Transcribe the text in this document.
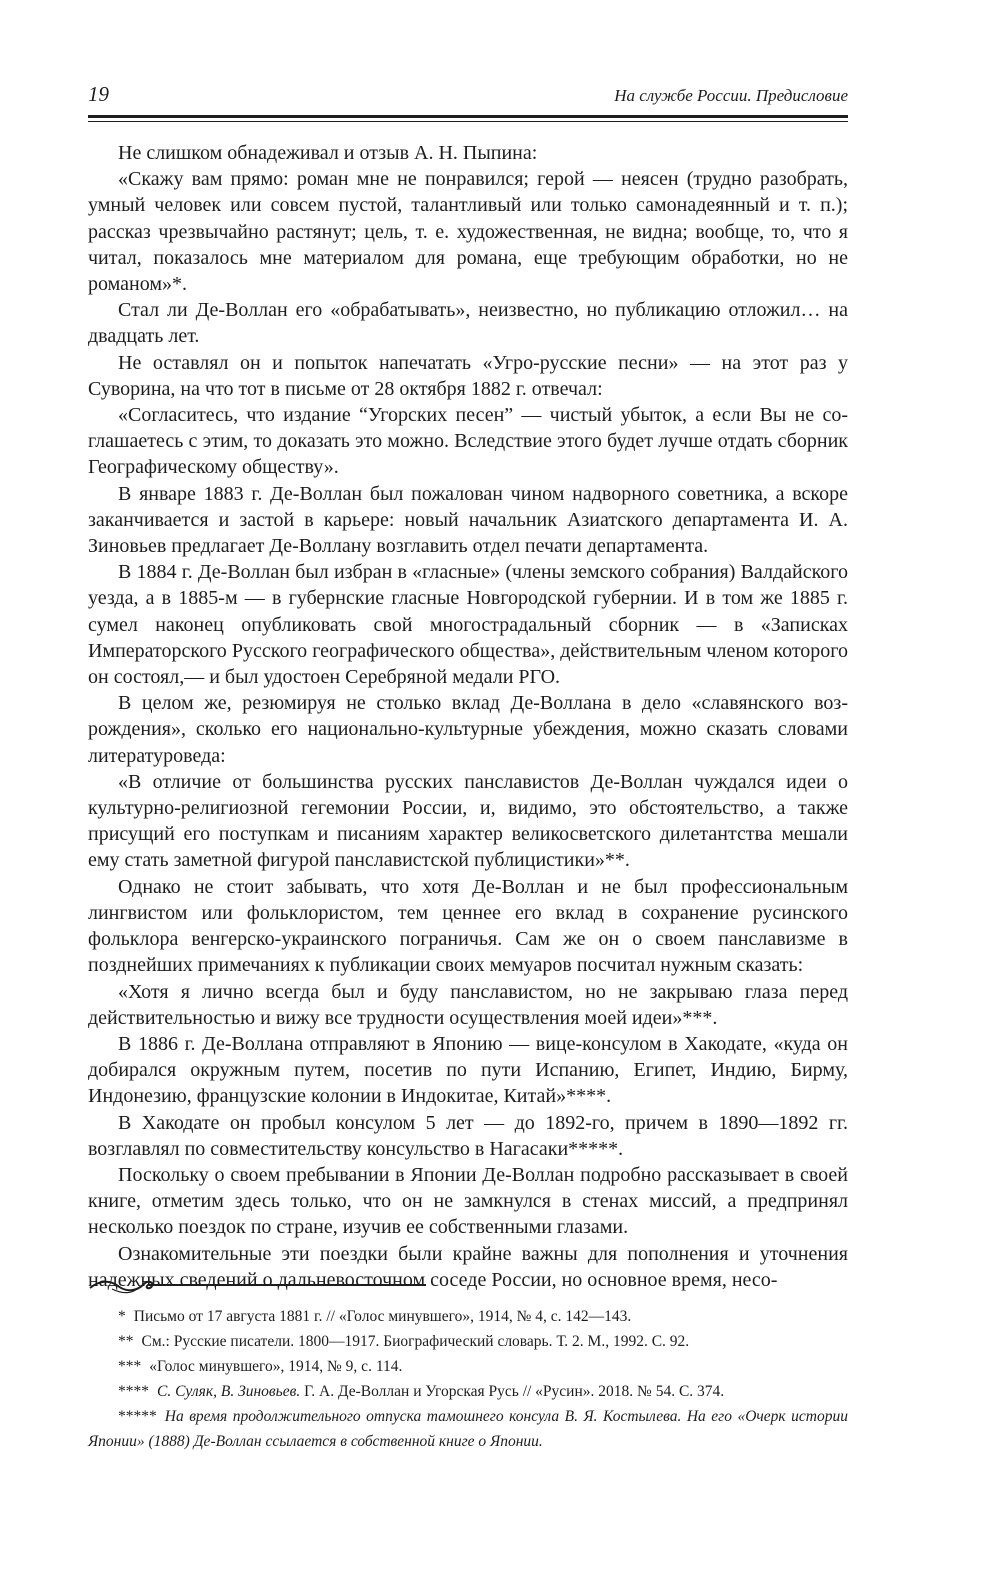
19	На службе России. Предисловие

Не слишком обнадеживал и отзыв А. Н. Пыпина:

«Скажу вам прямо: роман мне не понравился; герой — неясен (трудно разобрать, умный человек или совсем пустой, талантливый или только самонадеянный и т. п.); рассказ чрезвычайно растянут; цель, т. е. художественная, не видна; вообще, то, что я читал, показалось мне материалом для романа, еще требующим обработки, но не романом»*.

Стал ли Де-Воллан его «обрабатывать», неизвестно, но публикацию отложил… на двадцать лет.

Не оставлял он и попыток напечатать «Угро-русские песни» — на этот раз у Суворина, на что тот в письме от 28 октября 1882 г. отвечал:

«Согласитесь, что издание “Угорских песен” — чистый убыток, а если Вы не соглашаетесь с этим, то доказать это можно. Вследствие этого будет лучше отдать сборник Географическому обществу».

В январе 1883 г. Де-Воллан был пожалован чином надворного советника, а вскоре заканчивается и застой в карьере: новый начальник Азиатского департамента И. А. Зиновьев предлагает Де-Воллану возглавить отдел печати департамента.

В 1884 г. Де-Воллан был избран в «гласные» (члены земского собрания) Валдайского уезда, а в 1885-м — в губернские гласные Новгородской губернии. И в том же 1885 г. сумел наконец опубликовать свой многострадальный сборник — в «Записках Императорского Русского географического общества», действительным членом которого он состоял,— и был удостоен Серебряной медали РГО.

В целом же, резюмируя не столько вклад Де-Воллана в дело «славянского возрождения», сколько его национально-культурные убеждения, можно сказать словами литературоведа:

«В отличие от большинства русских панславистов Де-Воллан чуждался идеи о культурно-религиозной гегемонии России, и, видимо, это обстоятельство, а также присущий его поступкам и писаниям характер великосветского дилетантства мешали ему стать заметной фигурой панславистской публицистики»**.

Однако не стоит забывать, что хотя Де-Воллан и не был профессиональным лингвистом или фольклористом, тем ценнее его вклад в сохранение русинского фольклора венгерско-украинского пограничья. Сам же он о своем панславизме в позднейших примечаниях к публикации своих мемуаров посчитал нужным сказать:

«Хотя я лично всегда был и буду панславистом, но не закрываю глаза перед действительностью и вижу все трудности осуществления моей идеи»***.

В 1886 г. Де-Воллана отправляют в Японию — вице-консулом в Хакодате, «куда он добирался окружным путем, посетив по пути Испанию, Египет, Индию, Бирму, Индонезию, французские колонии в Индокитае, Китай»****.

В Хакодате он пробыл консулом 5 лет — до 1892-го, причем в 1890—1892 гг. возглавлял по совместительству консульство в Нагасаки*****.

Поскольку о своем пребывании в Японии Де-Воллан подробно рассказывает в своей книге, отметим здесь только, что он не замкнулся в стенах миссий, а предпринял несколько поездок по стране, изучив ее собственными глазами.

Ознакомительные эти поездки были крайне важны для пополнения и уточнения надежных сведений о дальневосточном соседе России, но основное время, несо-

* Письмо от 17 августа 1881 г. // «Голос минувшего», 1914, № 4, с. 142—143.

** См.: Русские писатели. 1800—1917. Биографический словарь. Т. 2. М., 1992. С. 92.

*** «Голос минувшего», 1914, № 9, с. 114.

**** С. Суляк, В. Зиновьев. Г. А. Де-Воллан и Угорская Русь // «Русин». 2018. № 54. С. 374.

***** На время продолжительного отпуска тамошнего консула В. Я. Костылева. На его «Очерк истории Японии» (1888) Де-Воллан ссылается в собственной книге о Японии.
